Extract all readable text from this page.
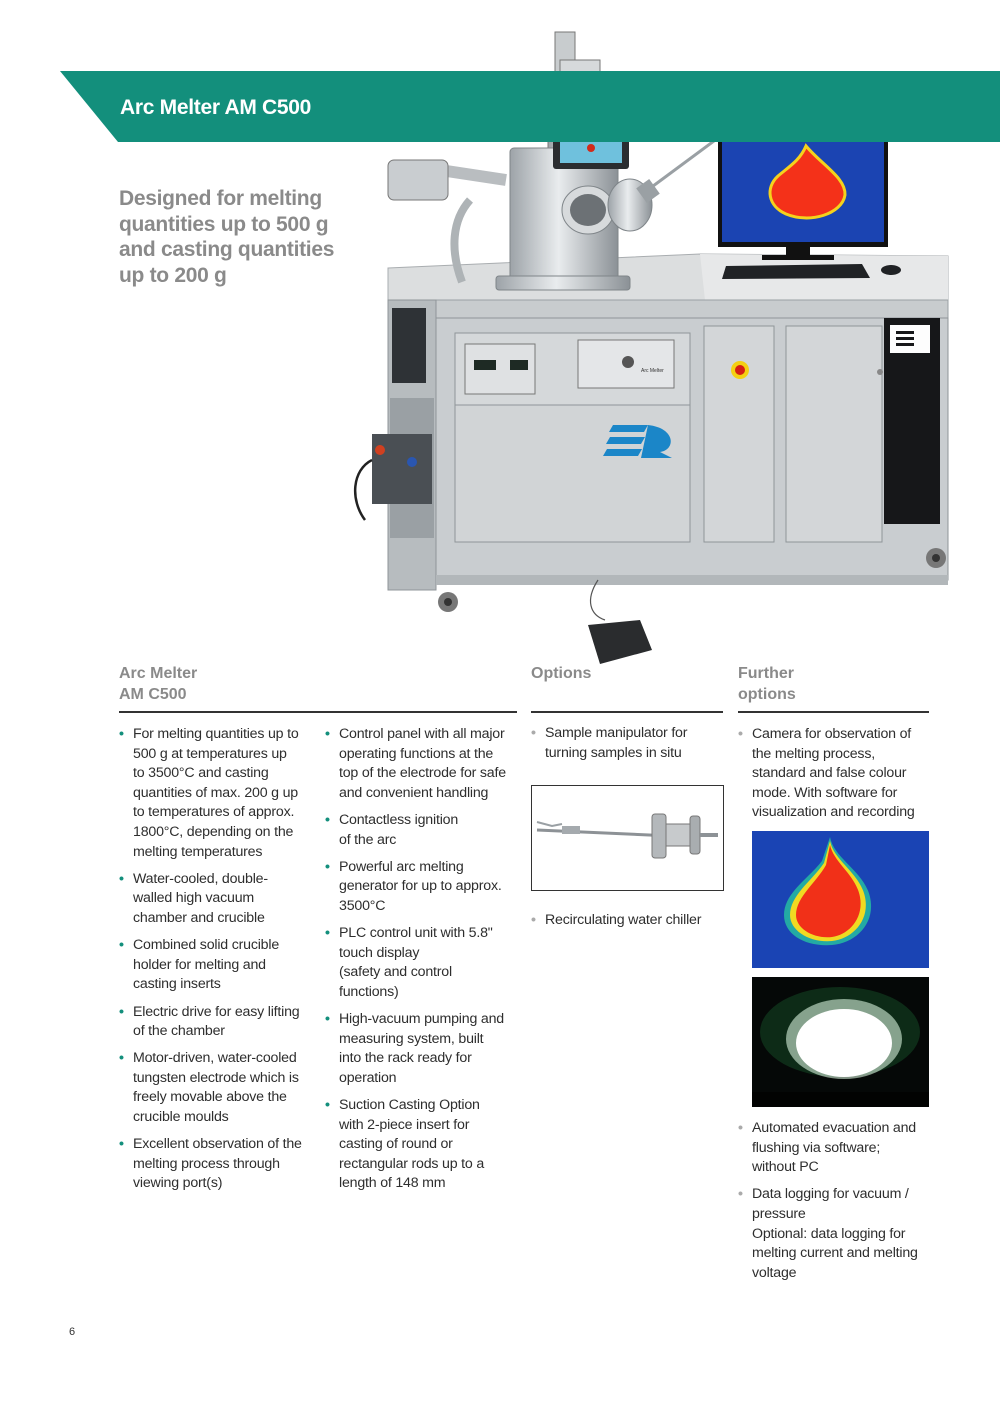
Arc Melter
Arc Melter AM C500
Designed for melting
quantities up to 500 g
and casting quantities
up to 200 g
Arc Melter
AM C500
Options	Further
options
• For melting quantities up to
500 g at temperatures up
to 3500°C and casting
quantities of max. 200 g up
to temperatures of approx.
1800°C, depending on the
melting temperatures
• Water-cooled, double-
walled high vacuum
chamber and crucible
• Combined solid crucible
holder for melting and
casting inserts
• Electric drive for easy lifting
of the chamber
• Motor-driven, water-cooled
tungsten electrode which is
freely movable above the
crucible moulds
• Excellent observation of the
melting process through
viewing port(s)
• Control panel with all major
operating functions at the
top of the electrode for safe
and convenient handling
• Contactless ignition
of the arc
• Powerful arc melting
generator for up to approx.
3500°C
• PLC control unit with 5.8"
touch display
(safety and control
functions)
• High-vacuum pumping and
measuring system, built
into the rack ready for
operation
• Suction Casting Option
with 2-piece insert for
casting of round or
rectangular rods up to a
length of 148 mm
• Sample manipulator for
turning samples in situ
• Recirculating water chiller
• Camera for observation of
the melting process,
standard and false colour
mode. With software for
visualization and recording
• Automated evacuation and
flushing via software;
without PC
• Data logging for vacuum /
pressure
Optional: data logging for
melting current and melting
voltage
6
